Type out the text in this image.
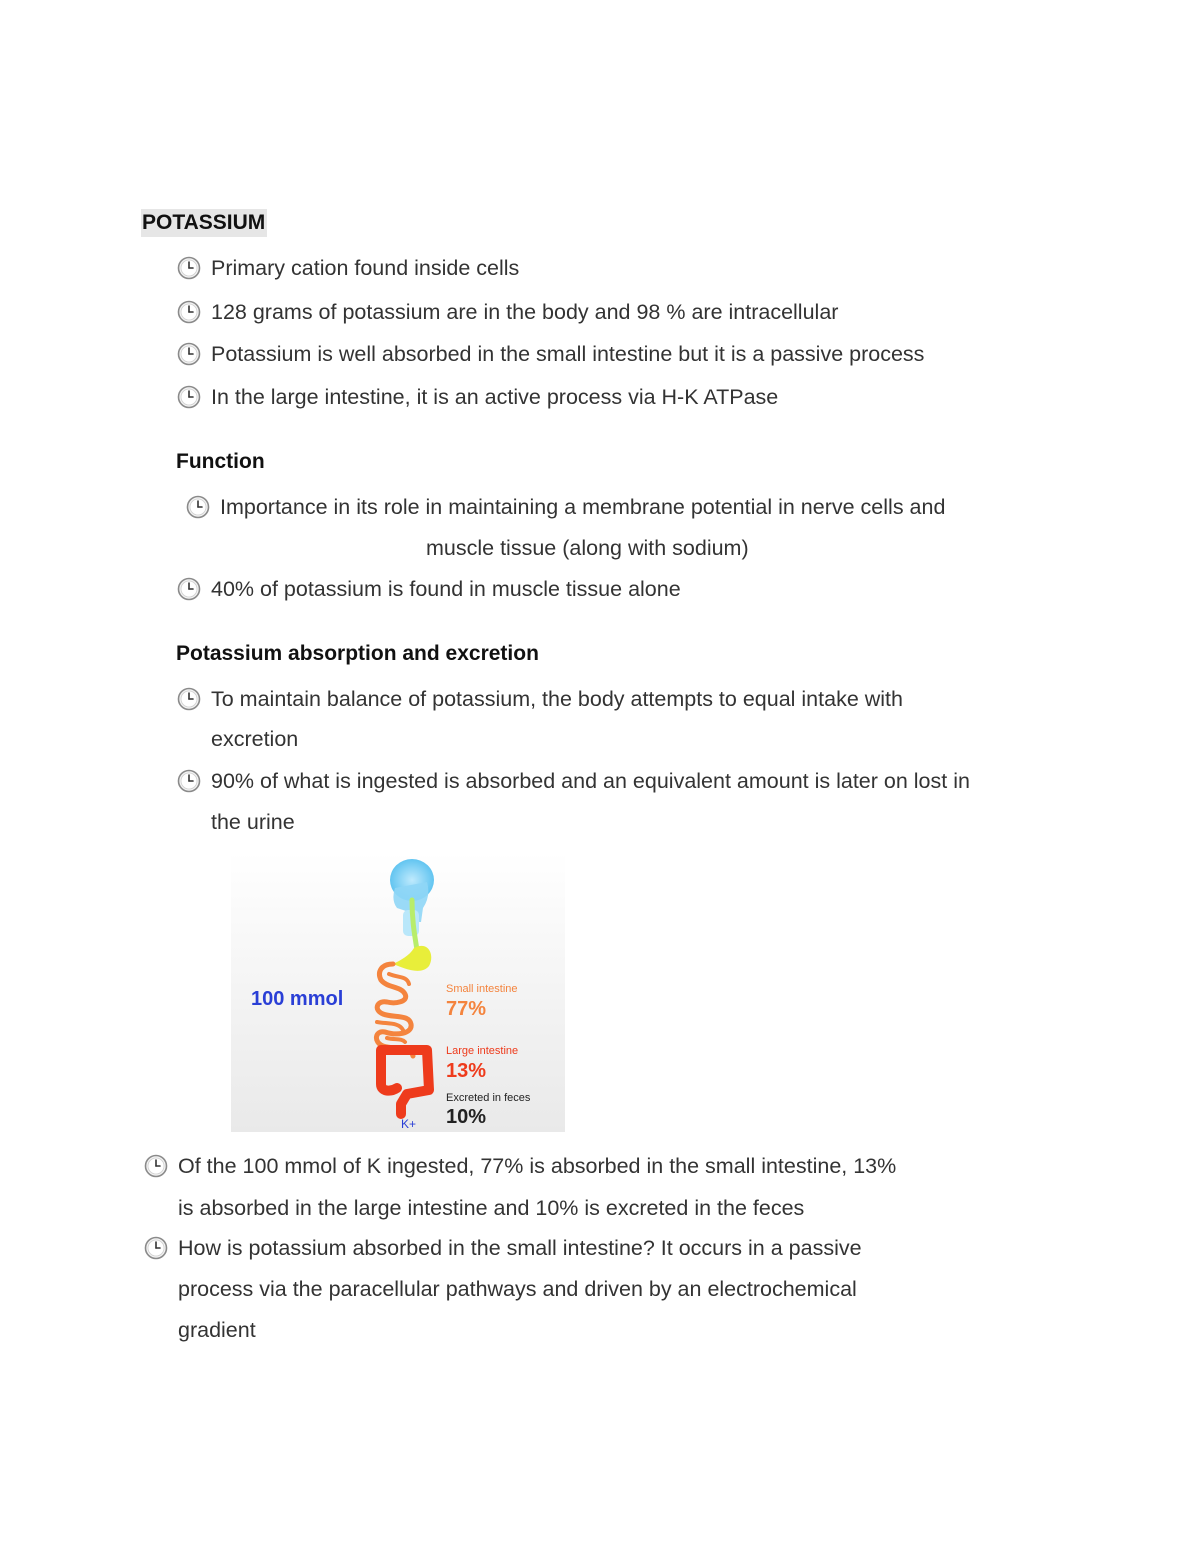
POTASSIUM
Primary cation found inside cells
128 grams of potassium are in the body and 98 % are intracellular
Potassium is well absorbed in the small intestine but it is a passive process
In the large intestine, it is an active process via H-K ATPase
Function
Importance in its role in maintaining a membrane potential in nerve cells and
muscle tissue (along with sodium)
40% of potassium is found in muscle tissue alone
Potassium absorption and excretion
To maintain balance of potassium, the body attempts to equal intake with
excretion
90% of what is ingested is absorbed and an equivalent amount is later on lost in
the urine
100 mmol	Small intestine
77%
Large intestine
13%
Excreted in feces
10%
K+
Of the 100 mmol of K ingested, 77% is absorbed in the small intestine, 13%
is absorbed in the large intestine and 10% is excreted in the feces
How is potassium absorbed in the small intestine? It occurs in a passive
process via the paracellular pathways and driven by an electrochemical
gradient
